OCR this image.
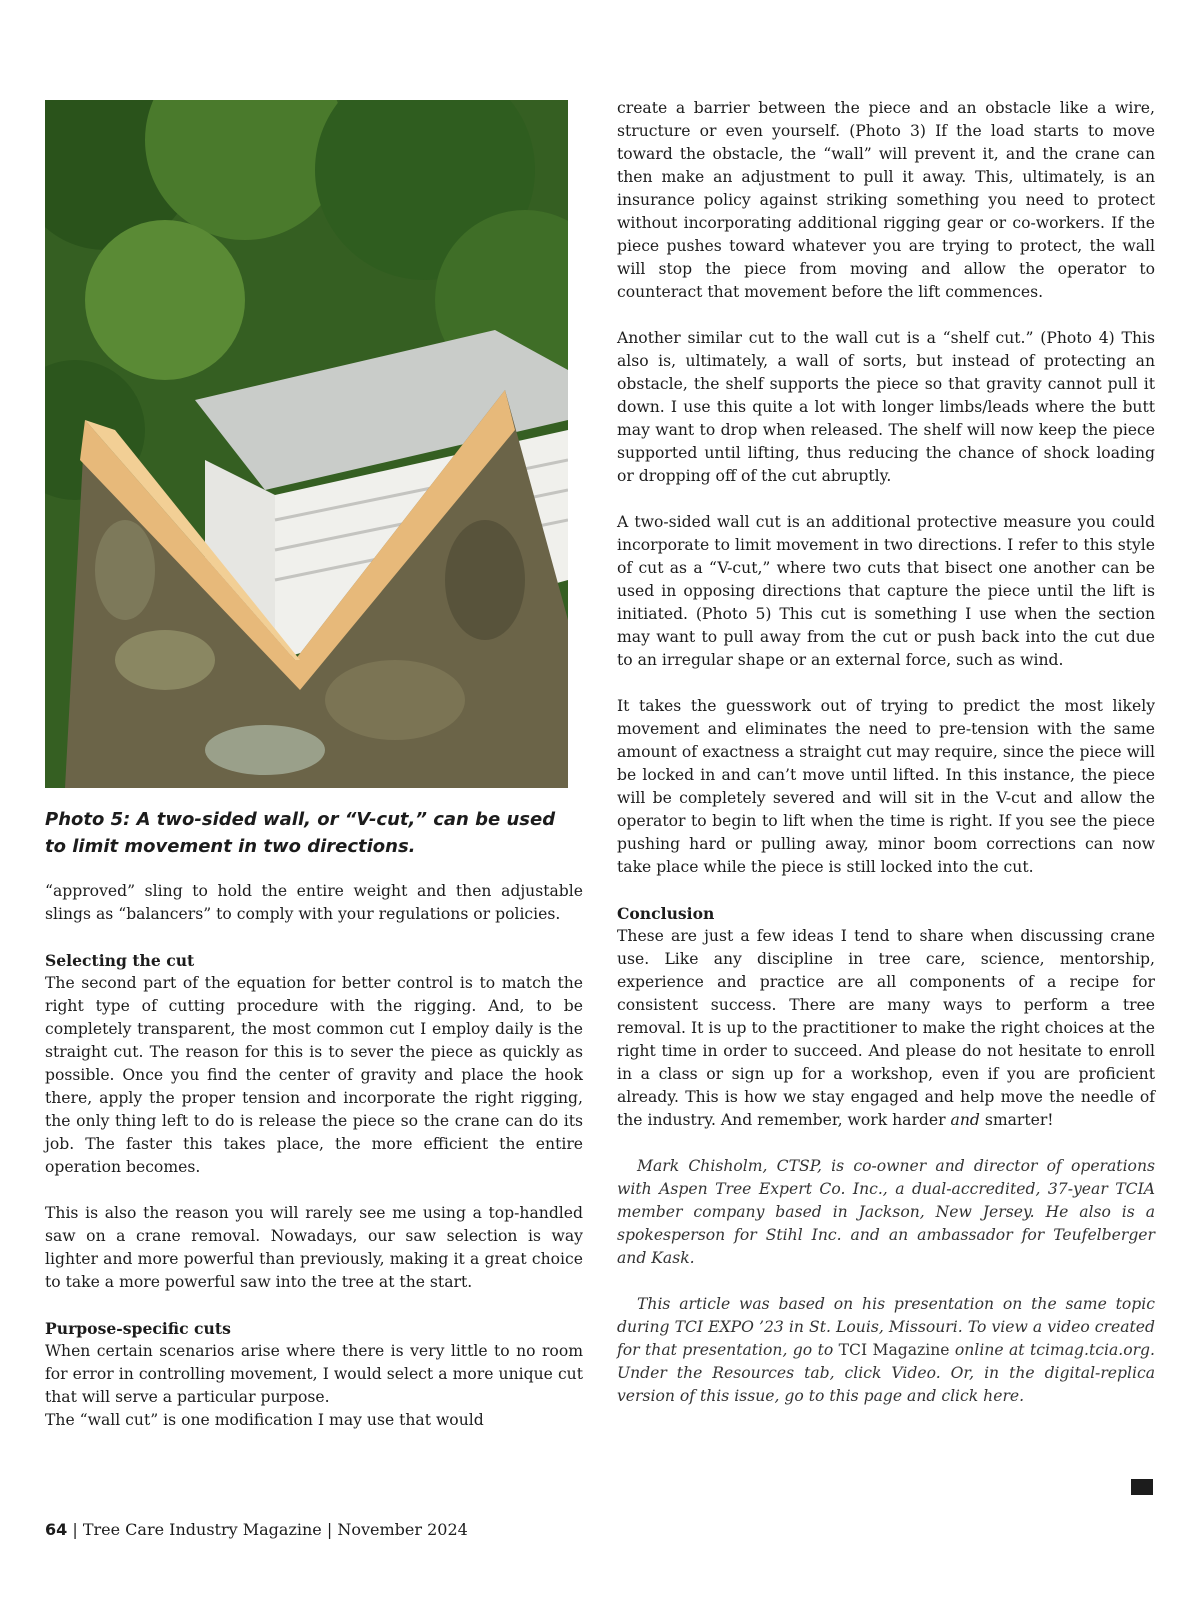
Photo 5: A two-sided wall, or “V-cut,” can be used to limit movement in two directions.

“approved” sling to hold the entire weight and then adjustable slings as “balancers” to comply with your regulations or policies.

Selecting the cut

The second part of the equation for better control is to match the right type of cutting procedure with the rigging. And, to be completely transparent, the most common cut I employ daily is the straight cut. The reason for this is to sever the piece as quickly as possible. Once you find the center of gravity and place the hook there, apply the proper tension and incorporate the right rigging, the only thing left to do is release the piece so the crane can do its job. The faster this takes place, the more efficient the entire operation becomes.

This is also the reason you will rarely see me using a top-handled saw on a crane removal. Nowadays, our saw selection is way lighter and more powerful than previously, making it a great choice to take a more powerful saw into the tree at the start.

Purpose-specific cuts

When certain scenarios arise where there is very little to no room for error in controlling movement, I would select a more unique cut that will serve a particular purpose.

The “wall cut” is one modification I may use that would

create a barrier between the piece and an obstacle like a wire, structure or even yourself. (Photo 3) If the load starts to move toward the obstacle, the “wall” will prevent it, and the crane can then make an adjustment to pull it away. This, ultimately, is an insurance policy against striking something you need to protect without incorporating additional rigging gear or co-workers. If the piece pushes toward whatever you are trying to protect, the wall will stop the piece from moving and allow the operator to counteract that movement before the lift commences.

Another similar cut to the wall cut is a “shelf cut.” (Photo 4) This also is, ultimately, a wall of sorts, but instead of protecting an obstacle, the shelf supports the piece so that gravity cannot pull it down. I use this quite a lot with longer limbs/leads where the butt may want to drop when released. The shelf will now keep the piece supported until lifting, thus reducing the chance of shock loading or dropping off of the cut abruptly.

A two-sided wall cut is an additional protective measure you could incorporate to limit movement in two directions. I refer to this style of cut as a “V-cut,” where two cuts that bisect one another can be used in opposing directions that capture the piece until the lift is initiated. (Photo 5) This cut is something I use when the section may want to pull away from the cut or push back into the cut due to an irregular shape or an external force, such as wind.

It takes the guesswork out of trying to predict the most likely movement and eliminates the need to pre-tension with the same amount of exactness a straight cut may require, since the piece will be locked in and can’t move until lifted. In this instance, the piece will be completely severed and will sit in the V-cut and allow the operator to begin to lift when the time is right. If you see the piece pushing hard or pulling away, minor boom corrections can now take place while the piece is still locked into the cut.

Conclusion

These are just a few ideas I tend to share when discussing crane use. Like any discipline in tree care, science, mentorship, experience and practice are all components of a recipe for consistent success. There are many ways to perform a tree removal. It is up to the practitioner to make the right choices at the right time in order to succeed. And please do not hesitate to enroll in a class or sign up for a workshop, even if you are proficient already. This is how we stay engaged and help move the needle of the industry. And remember, work harder and smarter!

Mark Chisholm, CTSP, is co-owner and director of operations with Aspen Tree Expert Co. Inc., a dual-accredited, 37-year TCIA member company based in Jackson, New Jersey. He also is a spokesperson for Stihl Inc. and an ambassador for Teufelberger and Kask.

This article was based on his presentation on the same topic during TCI EXPO ’23 in St. Louis, Missouri. To view a video created for that presentation, go to TCI Magazine online at tcimag.tcia.org. Under the Resources tab, click Video. Or, in the digital-replica version of this issue, go to this page and click here.

64 | Tree Care Industry Magazine | November 2024
